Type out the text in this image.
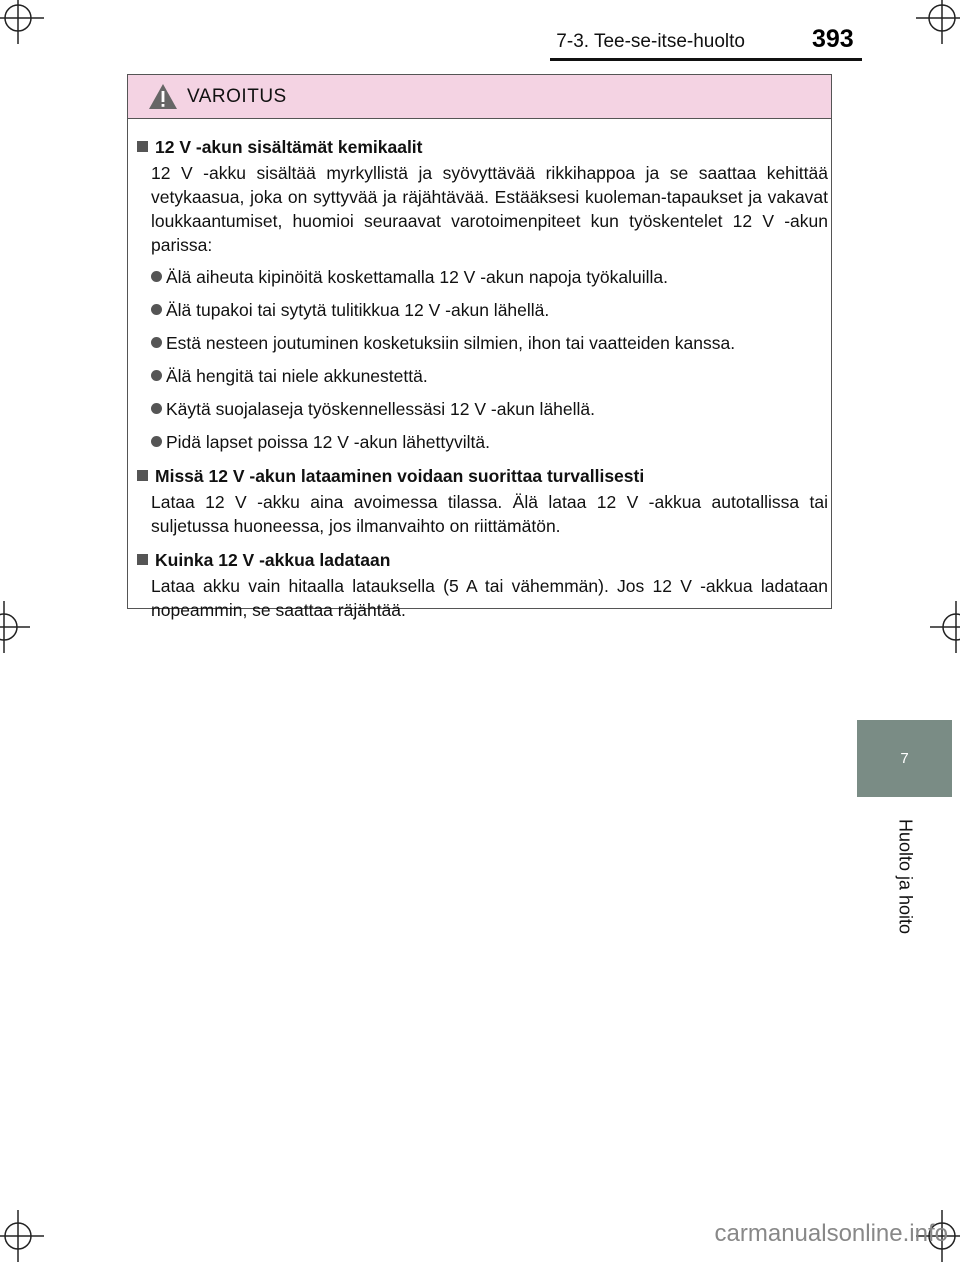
7-3. Tee-se-itse-huolto	393
VAROITUS
12 V -akun sisältämät kemikaalit

12 V -akku sisältää myrkyllistä ja syövyttävää rikkihappoa ja se saattaa kehittää vetykaasua, joka on syttyvää ja räjähtävää. Estääksesi kuoleman-tapaukset ja vakavat loukkaantumiset, huomioi seuraavat varotoimenpiteet kun työskentelet 12 V -akun parissa:

Älä aiheuta kipinöitä koskettamalla 12 V -akun napoja työkaluilla.
Älä tupakoi tai sytytä tulitikkua 12 V -akun lähellä.
Estä nesteen joutuminen kosketuksiin silmien, ihon tai vaatteiden kanssa.
Älä hengitä tai niele akkunestettä.
Käytä suojalaseja työskennellessäsi 12 V -akun lähellä.
Pidä lapset poissa 12 V -akun lähettyviltä.
Missä 12 V -akun lataaminen voidaan suorittaa turvallisesti

Lataa 12 V -akku aina avoimessa tilassa. Älä lataa 12 V -akkua autotallissa tai suljetussa huoneessa, jos ilmanvaihto on riittämätön.

Kuinka 12 V -akkua ladataan

Lataa akku vain hitaalla latauksella (5 A tai vähemmän). Jos 12 V -akkua ladataan nopeammin, se saattaa räjähtää.

7
Huolto ja hoito
carmanualsonline.info
